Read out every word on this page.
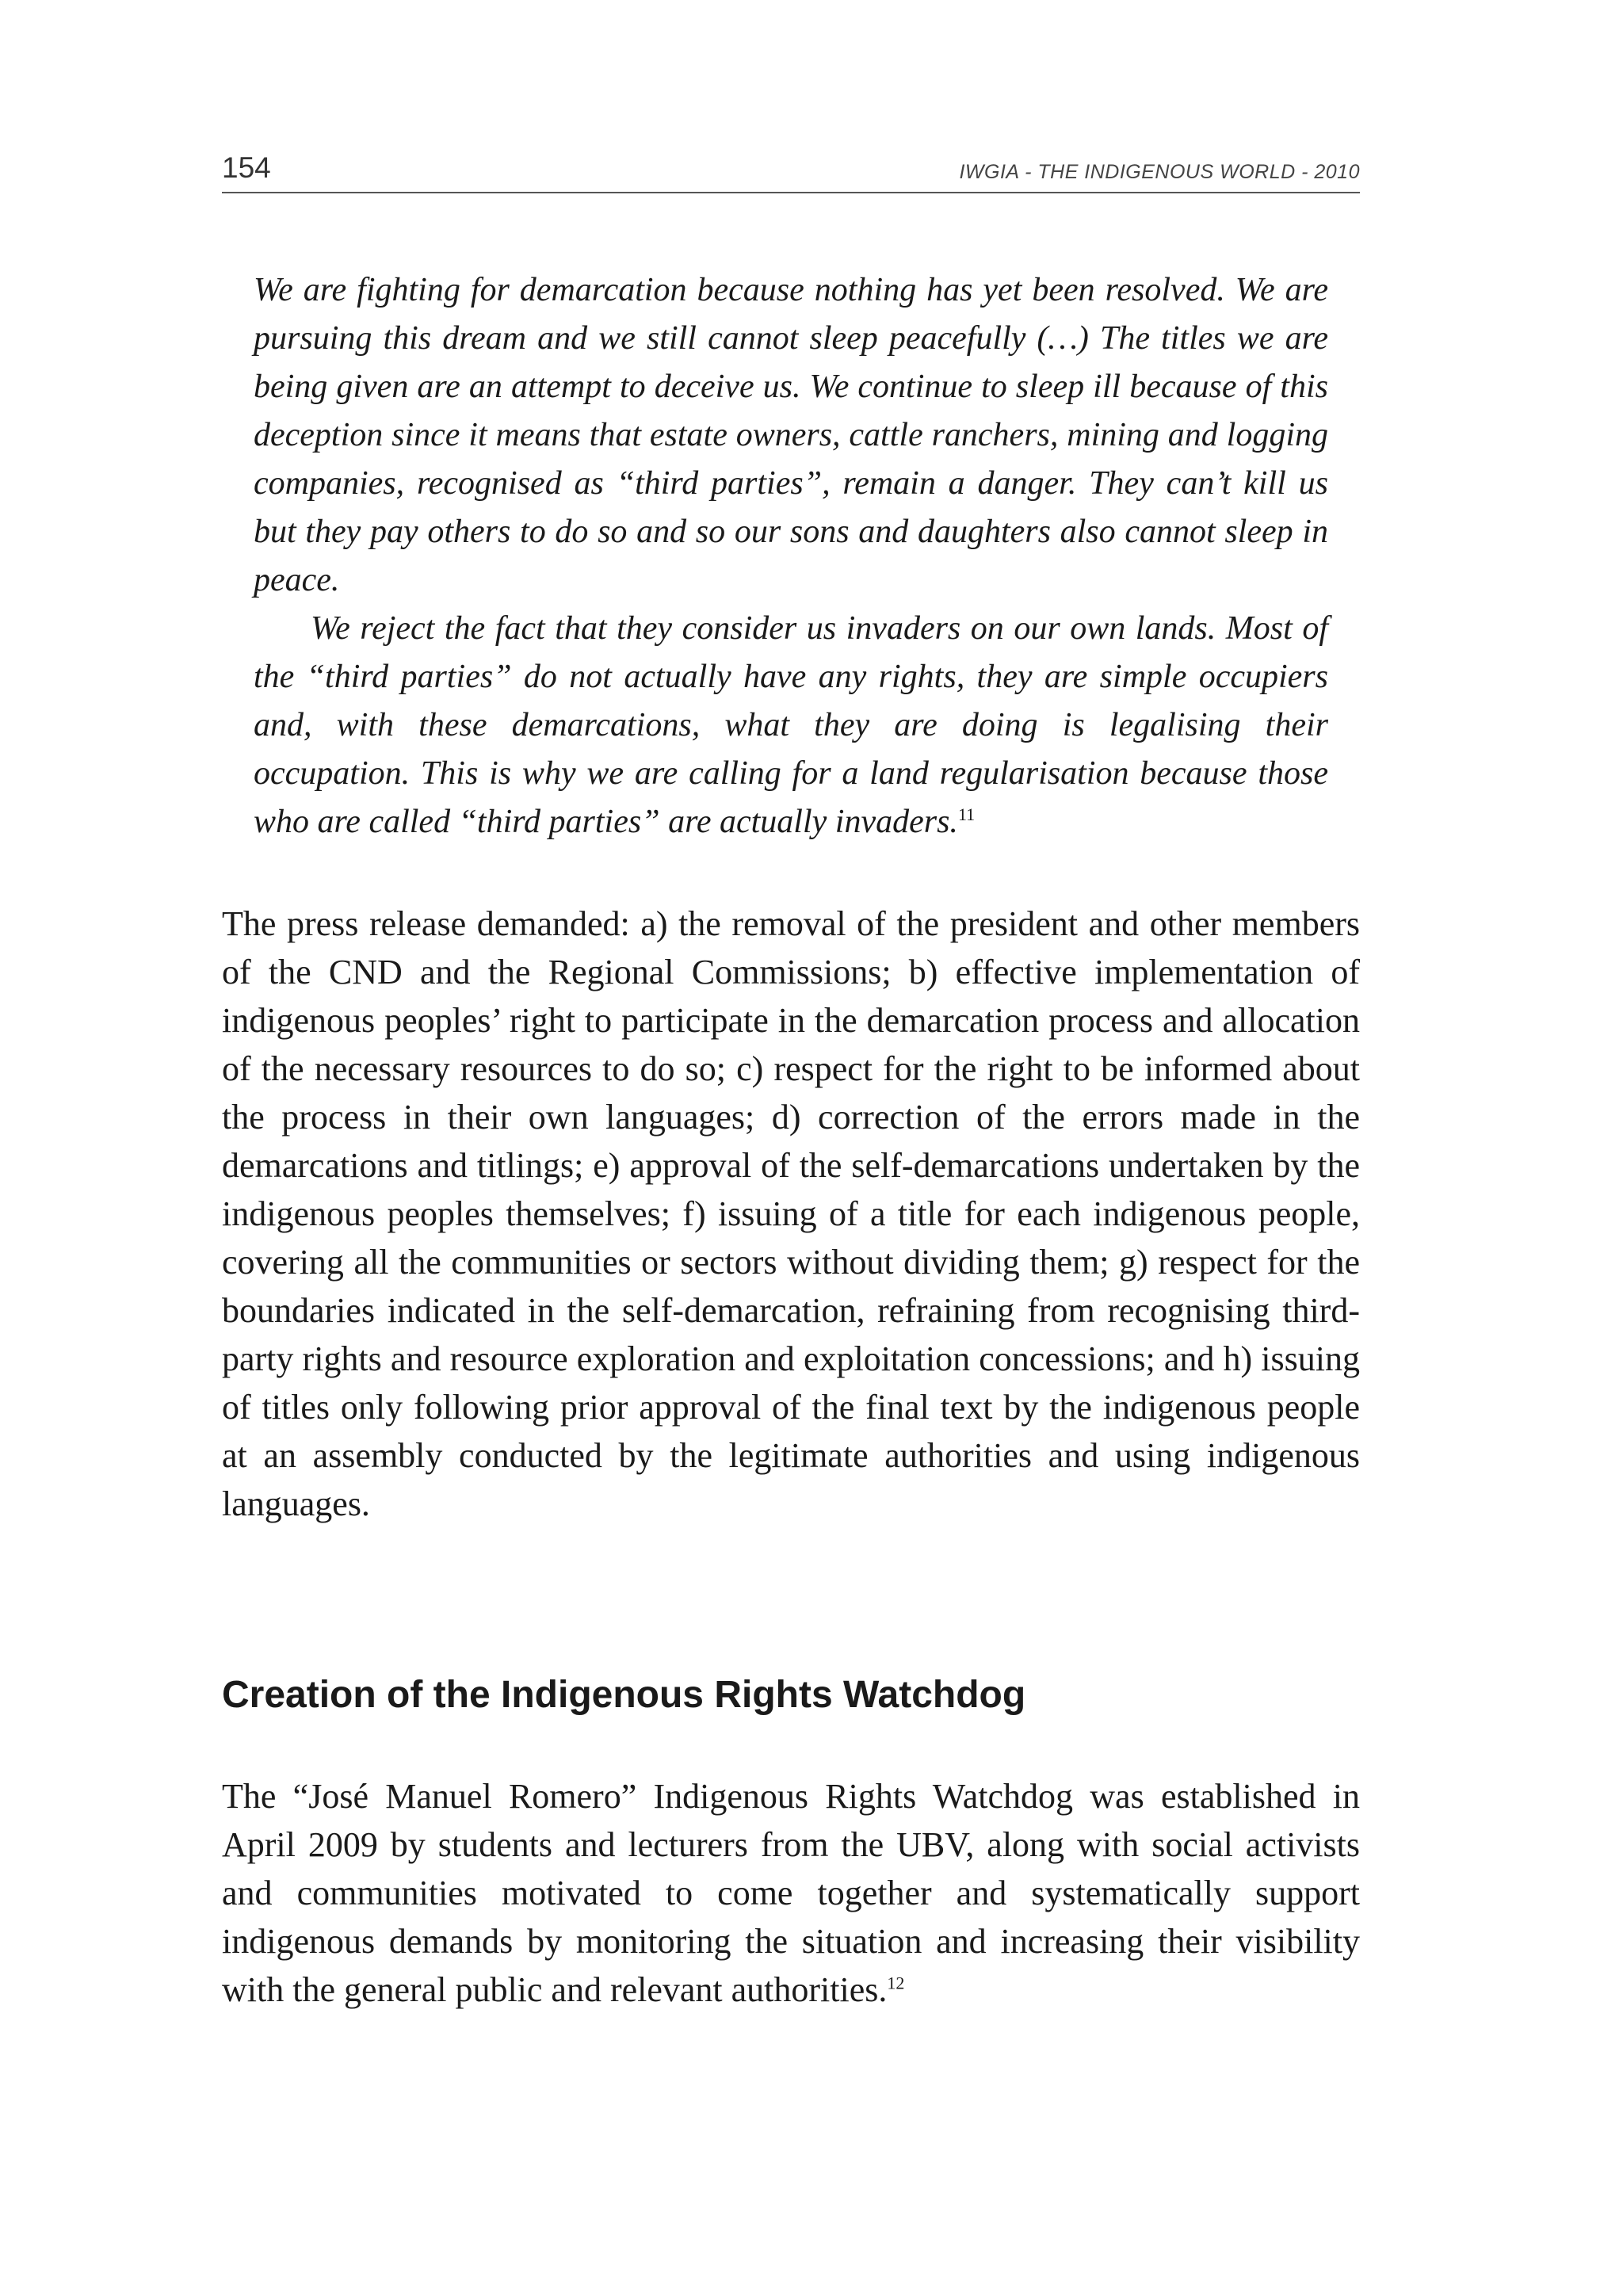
154	IWGIA - THE INDIGENOUS WORLD - 2010

We are fighting for demarcation because nothing has yet been resolved. We are pursuing this dream and we still cannot sleep peacefully (…) The titles we are being given are an attempt to deceive us. We continue to sleep ill because of this deception since it means that estate owners, cattle ranchers, mining and logging companies, recognised as “third parties”, remain a danger. They can’t kill us but they pay others to do so and so our sons and daughters also cannot sleep in peace.

We reject the fact that they consider us invaders on our own lands. Most of the “third parties” do not actually have any rights, they are simple occupiers and, with these demarcations, what they are doing is legalising their occupation. This is why we are calling for a land regularisation because those who are called “third parties” are actually invaders.$^{11}$

The press release demanded: a) the removal of the president and other members of the CND and the Regional Commissions; b) effective implementation of indigenous peoples’ right to participate in the demarcation process and allocation of the necessary resources to do so; c) respect for the right to be informed about the process in their own languages; d) correction of the errors made in the demarcations and titlings; e) approval of the self-demarcations undertaken by the indigenous peoples themselves; f) issuing of a title for each indigenous people, covering all the communities or sectors without dividing them; g) respect for the boundaries indicated in the self-demarcation, refraining from recognising third-party rights and resource exploration and exploitation concessions; and h) issuing of titles only following prior approval of the final text by the indigenous people at an assembly conducted by the legitimate authorities and using indigenous languages.

Creation of the Indigenous Rights Watchdog

The “José Manuel Romero” Indigenous Rights Watchdog was established in April 2009 by students and lecturers from the UBV, along with social activists and communities motivated to come together and systematically support indigenous demands by monitoring the situation and increasing their visibility with the general public and relevant authorities.$^{12}$
